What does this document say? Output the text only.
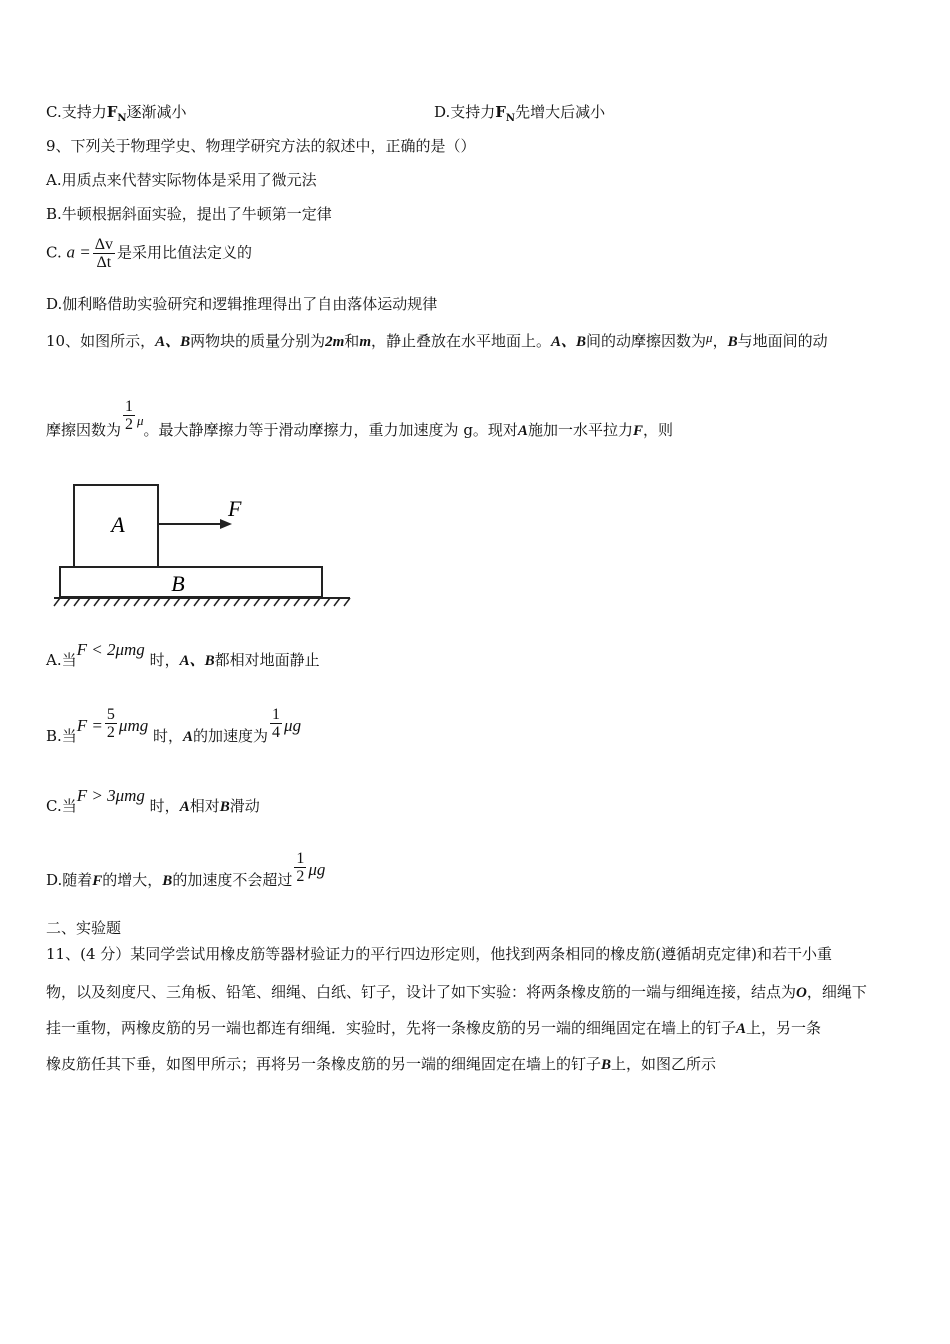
C.支持力$F_N$逐渐减小	D.支持力$F_N$先增大后减小
9、下列关于物理学史、物理学研究方法的叙述中，正确的是（）
A.用质点来代替实际物体是采用了微元法
B.牛顿根据斜面实验，提出了牛顿第一定律
C. $a = \frac{\Delta v}{\Delta t}$ 是采用比值法定义的
D.伽利略借助实验研究和逻辑推理得出了自由落体运动规律
10、如图所示，A、B两物块的质量分别为2m和m，静止叠放在水平地面上。A、B间的动摩擦因数为μ，B与地面间的动
摩擦因数为 $\frac{1}{2}$ μ。最大静摩擦力等于滑动摩擦力，重力加速度为 g。现对A施加一水平拉力F，则
A
F
B
A.当F < 2μmg 时，A、B都相对地面静止
B.当$F = \frac{5}{2}$ μmg 时，A的加速度为 $\frac{1}{4}$ μg
C.当F > 3μmg 时，A相对B滑动
D.随着F的增大，B的加速度不会超过 $\frac{1}{2}$ μg
二、实验题
11、(4 分）某同学尝试用橡皮筋等器材验证力的平行四边形定则，他找到两条相同的橡皮筋(遵循胡克定律)和若干小重
物，以及刻度尺、三角板、铅笔、细绳、白纸、钉子，设计了如下实验：将两条橡皮筋的一端与细绳连接，结点为O，细绳下
挂一重物，两橡皮筋的另一端也都连有细绳．实验时，先将一条橡皮筋的另一端的细绳固定在墙上的钉子A上，另一条
橡皮筋任其下垂，如图甲所示；再将另一条橡皮筋的另一端的细绳固定在墙上的钉子B上，如图乙所示
